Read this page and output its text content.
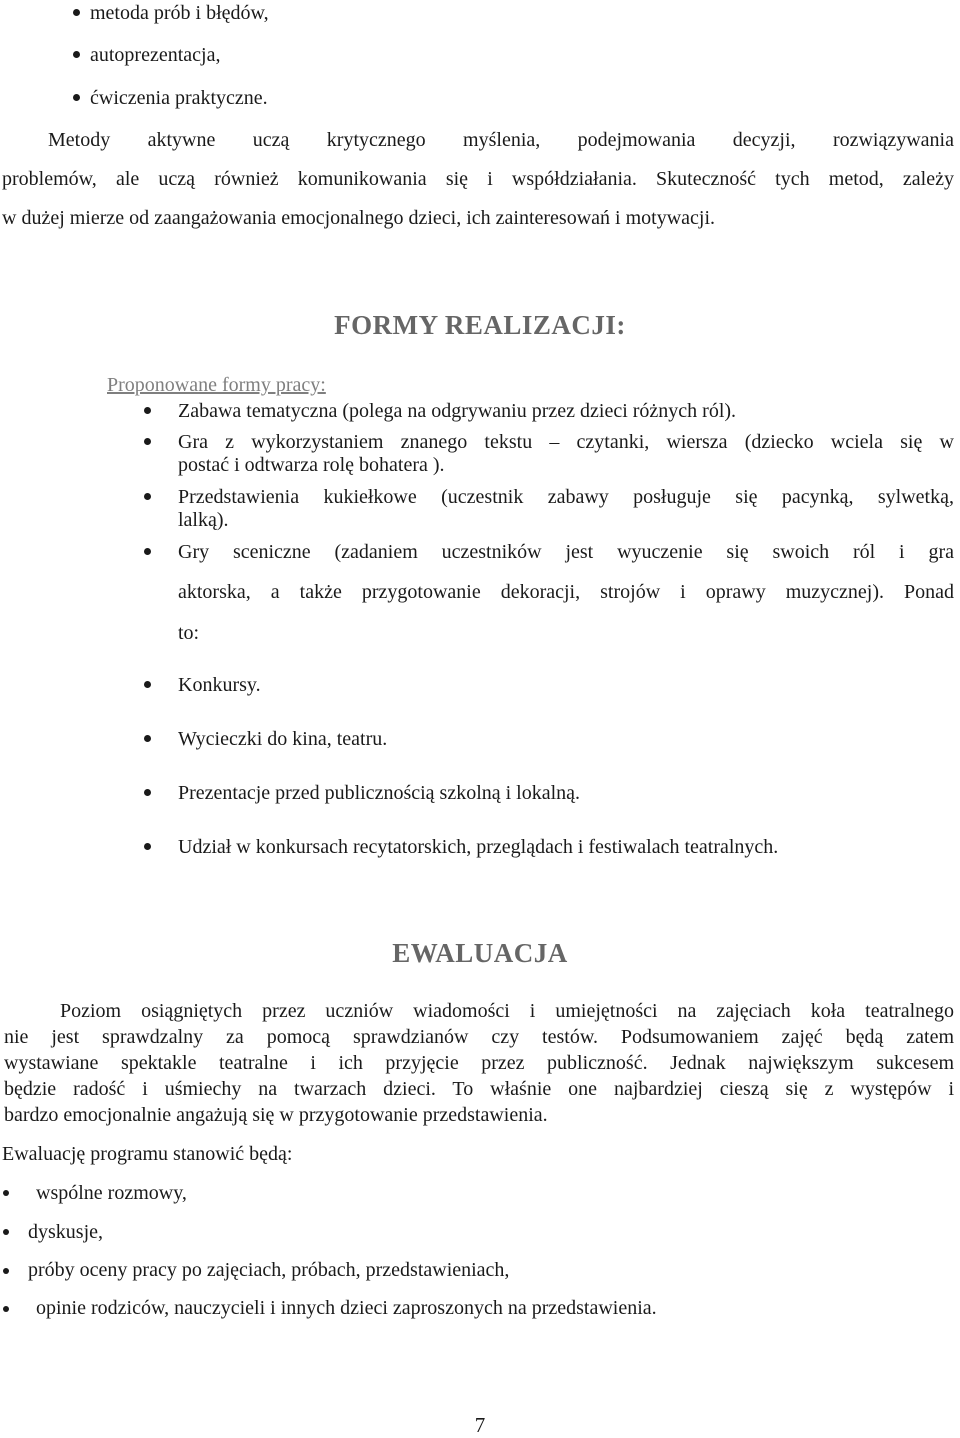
metoda prób i błędów,
autoprezentacja,
ćwiczenia praktyczne.
Metody aktywne uczą krytycznego myślenia, podejmowania decyzji, rozwiązywania
problemów, ale uczą również komunikowania się i współdziałania. Skuteczność tych metod, zależy
w dużej mierze od zaangażowania emocjonalnego dzieci, ich zainteresowań i motywacji.
FORMY REALIZACJI:
Proponowane formy pracy:
Zabawa tematyczna (polega na odgrywaniu przez dzieci różnych ról).
Gra z wykorzystaniem znanego tekstu – czytanki, wiersza (dziecko wciela się w
postać i odtwarza rolę bohatera ).
Przedstawienia kukiełkowe (uczestnik zabawy posługuje się pacynką, sylwetką,
lalką).
Gry sceniczne (zadaniem uczestników jest wyuczenie się swoich ról i gra
aktorska, a także przygotowanie dekoracji, strojów i oprawy muzycznej). Ponad
to:
Konkursy.
Wycieczki do kina, teatru.
Prezentacje przed publicznością szkolną i lokalną.
Udział w konkursach recytatorskich, przeglądach i festiwalach teatralnych.
EWALUACJA
Poziom osiągniętych przez uczniów wiadomości i umiejętności na zajęciach koła teatralnego
nie jest sprawdzalny za pomocą sprawdzianów czy testów. Podsumowaniem zajęć będą zatem
wystawiane spektakle teatralne i ich przyjęcie przez publiczność. Jednak największym sukcesem
będzie radość i uśmiechy na twarzach dzieci. To właśnie one najbardziej cieszą się z występów i
bardzo emocjonalnie angażują się w przygotowanie przedstawienia.
Ewaluację programu stanowić będą:
wspólne rozmowy,
dyskusje,
próby oceny pracy po zajęciach, próbach, przedstawieniach,
opinie rodziców, nauczycieli i innych dzieci zaproszonych na przedstawienia.
7
